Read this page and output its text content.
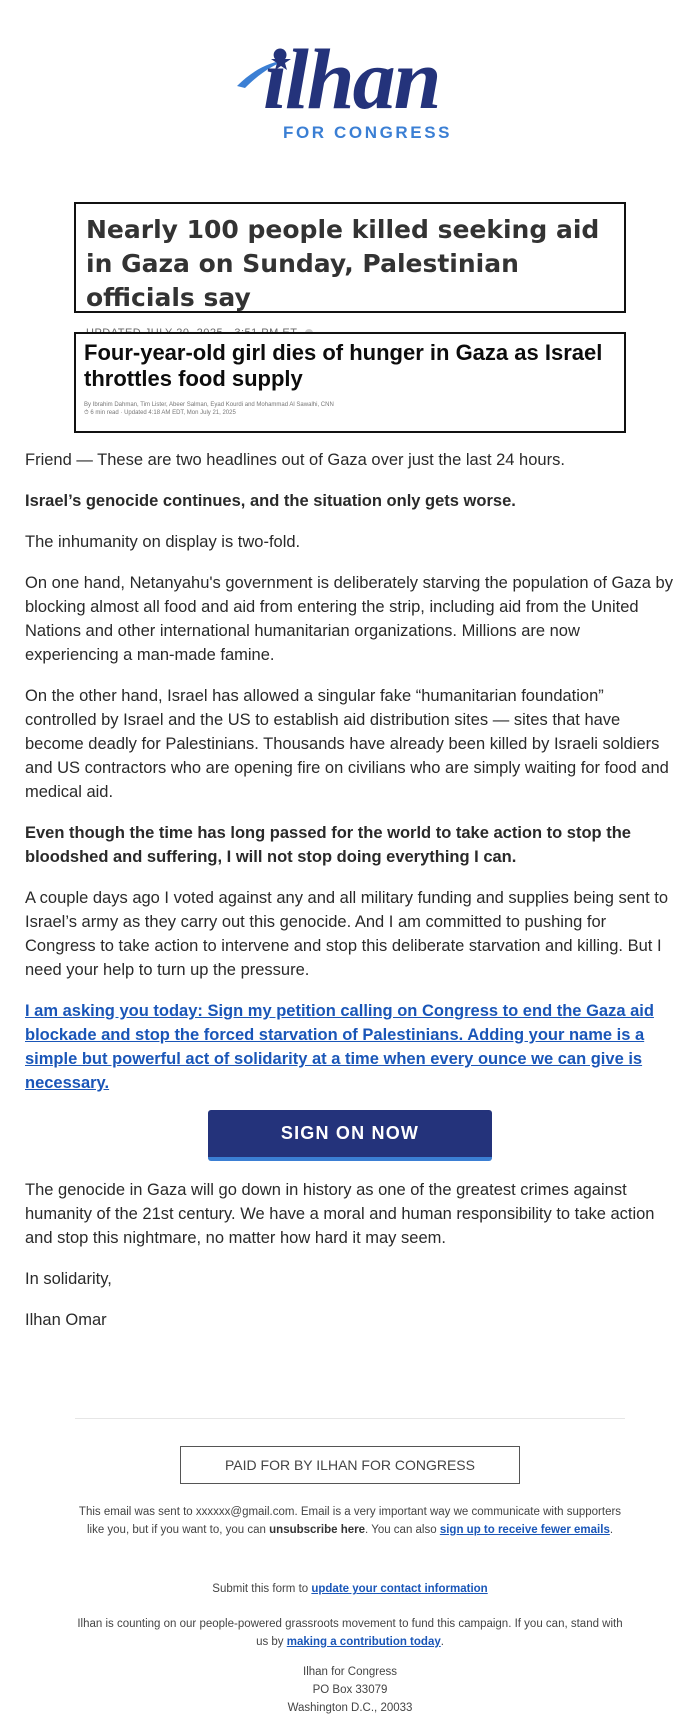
ilhan
FOR CONGRESS
Nearly 100 people killed seeking aid in Gaza on Sunday, Palestinian officials say
Four-year-old girl dies of hunger in Gaza as Israel throttles food supply
By Ibrahim Dahman, Tim Lister, Abeer Salman, Eyad Kourdi and Mohammad Al Sawalhi, CNN
⏱ 6 min read · Updated 4:18 AM EDT, Mon July 21, 2025

Friend — These are two headlines out of Gaza over just the last 24 hours.

Israel’s genocide continues, and the situation only gets worse.

The inhumanity on display is two-fold.

On one hand, Netanyahu's government is deliberately starving the population of Gaza by blocking almost all food and aid from entering the strip, including aid from the United Nations and other international humanitarian organizations. Millions are now experiencing a man-made famine.

On the other hand, Israel has allowed a singular fake “humanitarian foundation” controlled by Israel and the US to establish aid distribution sites — sites that have become deadly for Palestinians. Thousands have already been killed by Israeli soldiers and US contractors who are opening fire on civilians who are simply waiting for food and medical aid.

Even though the time has long passed for the world to take action to stop the bloodshed and suffering, I will not stop doing everything I can.

A couple days ago I voted against any and all military funding and supplies being sent to Israel’s army as they carry out this genocide. And I am committed to pushing for Congress to take action to intervene and stop this deliberate starvation and killing. But I need your help to turn up the pressure.

I am asking you today: Sign my petition calling on Congress to end the Gaza aid blockade and stop the forced starvation of Palestinians. Adding your name is a simple but powerful act of solidarity at a time when every ounce we can give is necessary.

SIGN ON NOW

The genocide in Gaza will go down in history as one of the greatest crimes against humanity of the 21st century. We have a moral and human responsibility to take action and stop this nightmare, no matter how hard it may seem.

In solidarity,

Ilhan Omar

PAID FOR BY ILHAN FOR CONGRESS
This email was sent to xxxxxx@gmail.com. Email is a very important way we communicate with supporters like you, but if you want to, you can unsubscribe here. You can also sign up to receive fewer emails.
Submit this form to update your contact information
Ilhan is counting on our people-powered grassroots movement to fund this campaign. If you can, stand with us by making a contribution today.
Ilhan for Congress
PO Box 33079
Washington D.C., 20033
